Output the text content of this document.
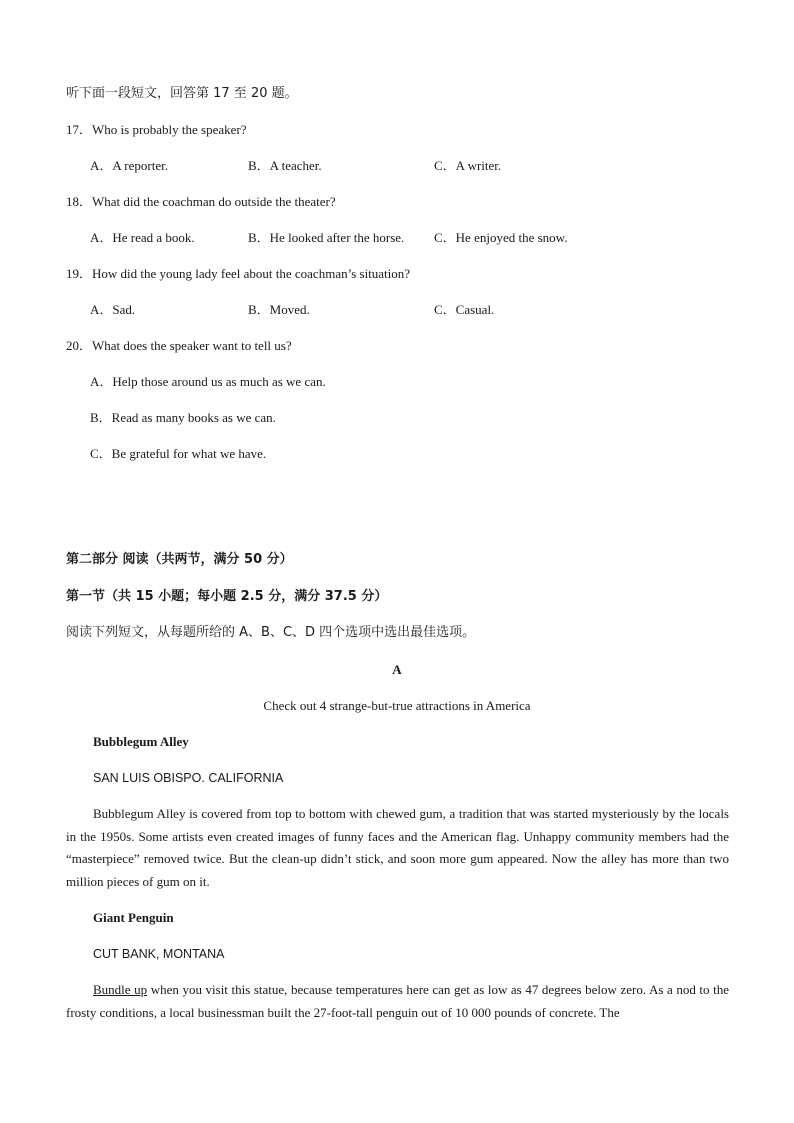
听下面一段短文，回答第 17 至 20 题。
17．Who is probably the speaker?
A．A reporter.	B．A teacher.	C．A writer.
18．What did the coachman do outside the theater?
A．He read a book.	B．He looked after the horse. C．He enjoyed the snow.
19．How did the young lady feel about the coachman’s situation?
A．Sad.	B．Moved.	C．Casual.
20．What does the speaker want to tell us?
A．Help those around us as much as we can.
B．Read as many books as we can.
C．Be grateful for what we have.
第二部分 阅读（共两节，满分 50 分）
第一节（共 15 小题；每小题 2.5 分，满分 37.5 分）
阅读下列短文，从每题所给的 A、B、C、D 四个选项中选出最佳选项。
A
Check out 4 strange-but-true attractions in America
Bubblegum Alley
SAN LUIS OBISPO. CALIFORNIA

Bubblegum Alley is covered from top to bottom with chewed gum, a tradition that was started mysteriously by the locals in the 1950s. Some artists even created images of funny faces and the American flag. Unhappy community members had the “masterpiece” removed twice. But the clean-up didn’t stick, and soon more gum appeared. Now the alley has more than two million pieces of gum on it.

Giant Penguin
CUT BANK, MONTANA

Bundle up when you visit this statue, because temperatures here can get as low as 47 degrees below zero. As a nod to the frosty conditions, a local businessman built the 27-foot-tall penguin out of 10 000 pounds of concrete. The
